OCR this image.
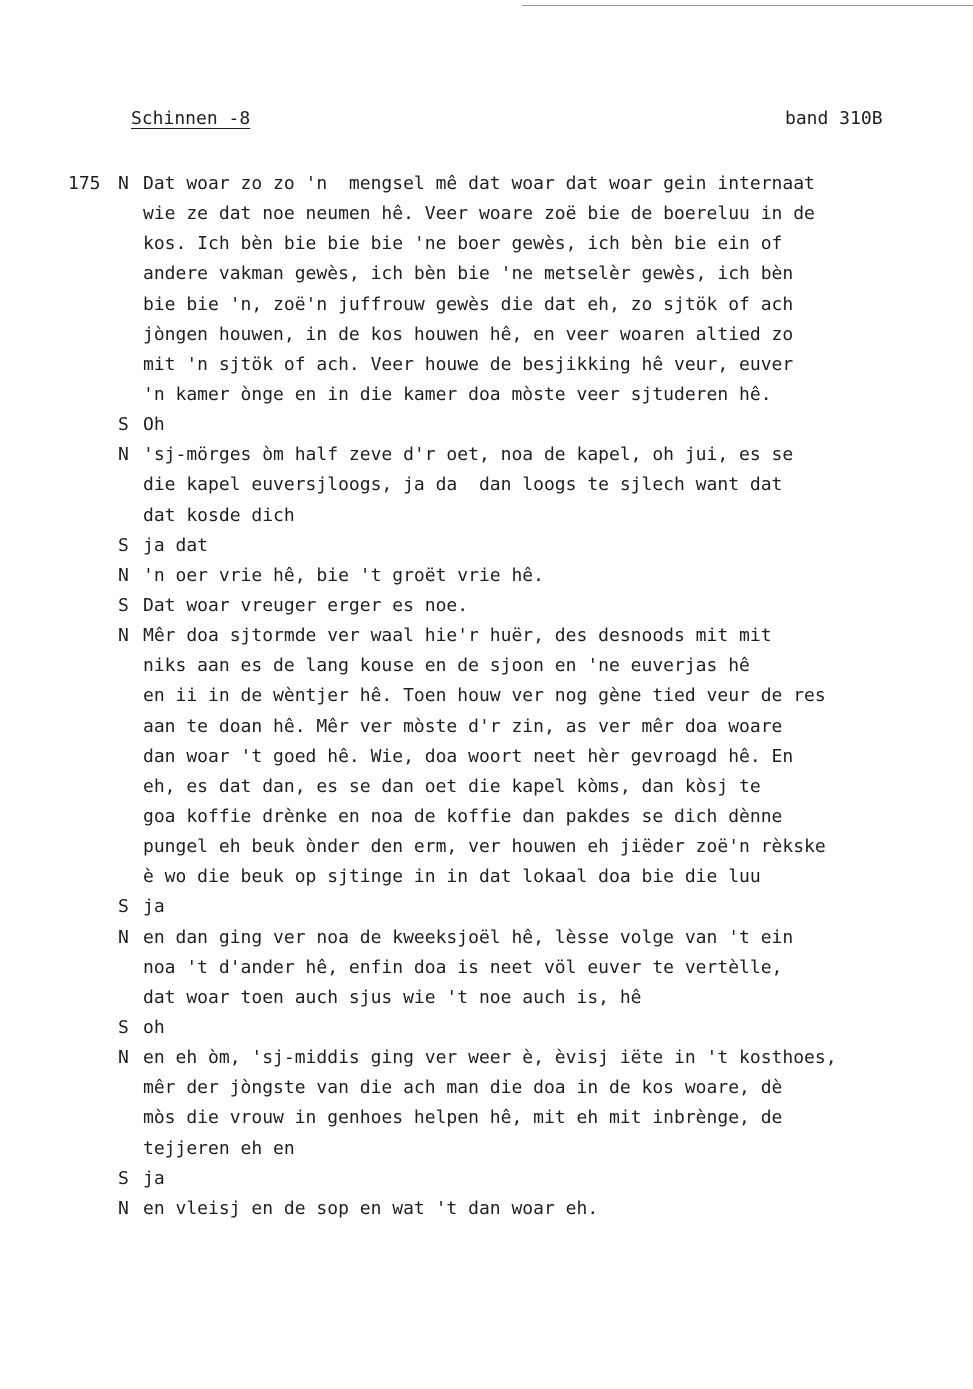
Schinnen -8	band 310B
175 N Dat woar zo zo 'n  mengsel mê dat woar dat woar gein internaat
wie ze dat noe neumen hê. Veer woare zoë bie de boereluu in de
kos. Ich bèn bie bie bie 'ne boer gewès, ich bèn bie ein of
andere vakman gewès, ich bèn bie 'ne metselèr gewès, ich bèn
bie bie 'n, zoë'n juffrouw gewès die dat eh, zo sjtök of ach
jòngen houwen, in de kos houwen hê, en veer woaren altied zo
mit 'n sjtök of ach. Veer houwe de besjikking hê veur, euver
'n kamer ònge en in die kamer doa mòste veer sjtuderen hê.
S Oh
N 'sj-mörges òm half zeve d'r oet, noa de kapel, oh jui, es se
die kapel euversjloogs, ja da  dan loogs te sjlech want dat
dat kosde dich
S ja dat
N 'n oer vrie hê, bie 't groët vrie hê.
S Dat woar vreuger erger es noe.
N Mêr doa sjtormde ver waal hie'r huër, des desnoods mit mit
niks aan es de lang kouse en de sjoon en 'ne euverjas hê
en ii in de wèntjer hê. Toen houw ver nog gène tied veur de res
aan te doan hê. Mêr ver mòste d'r zin, as ver mêr doa woare
dan woar 't goed hê. Wie, doa woort neet hèr gevroagd hê. En
eh, es dat dan, es se dan oet die kapel kòms, dan kòsj te
goa koffie drènke en noa de koffie dan pakdes se dich dènne
pungel eh beuk ònder den erm, ver houwen eh jiëder zoë'n rèkske
è wo die beuk op sjtinge in in dat lokaal doa bie die luu
S ja
N en dan ging ver noa de kweeksjoël hê, lèsse volge van 't ein
noa 't d'ander hê, enfin doa is neet völ euver te vertèlle,
dat woar toen auch sjus wie 't noe auch is, hê
S oh
N en eh òm, 'sj-middis ging ver weer è, èvisj iëte in 't kosthoes,
mêr der jòngste van die ach man die doa in de kos woare, dè
mòs die vrouw in genhoes helpen hê, mit eh mit inbrènge, de
tejjeren eh en
S ja
N en vleisj en de sop en wat 't dan woar eh.
